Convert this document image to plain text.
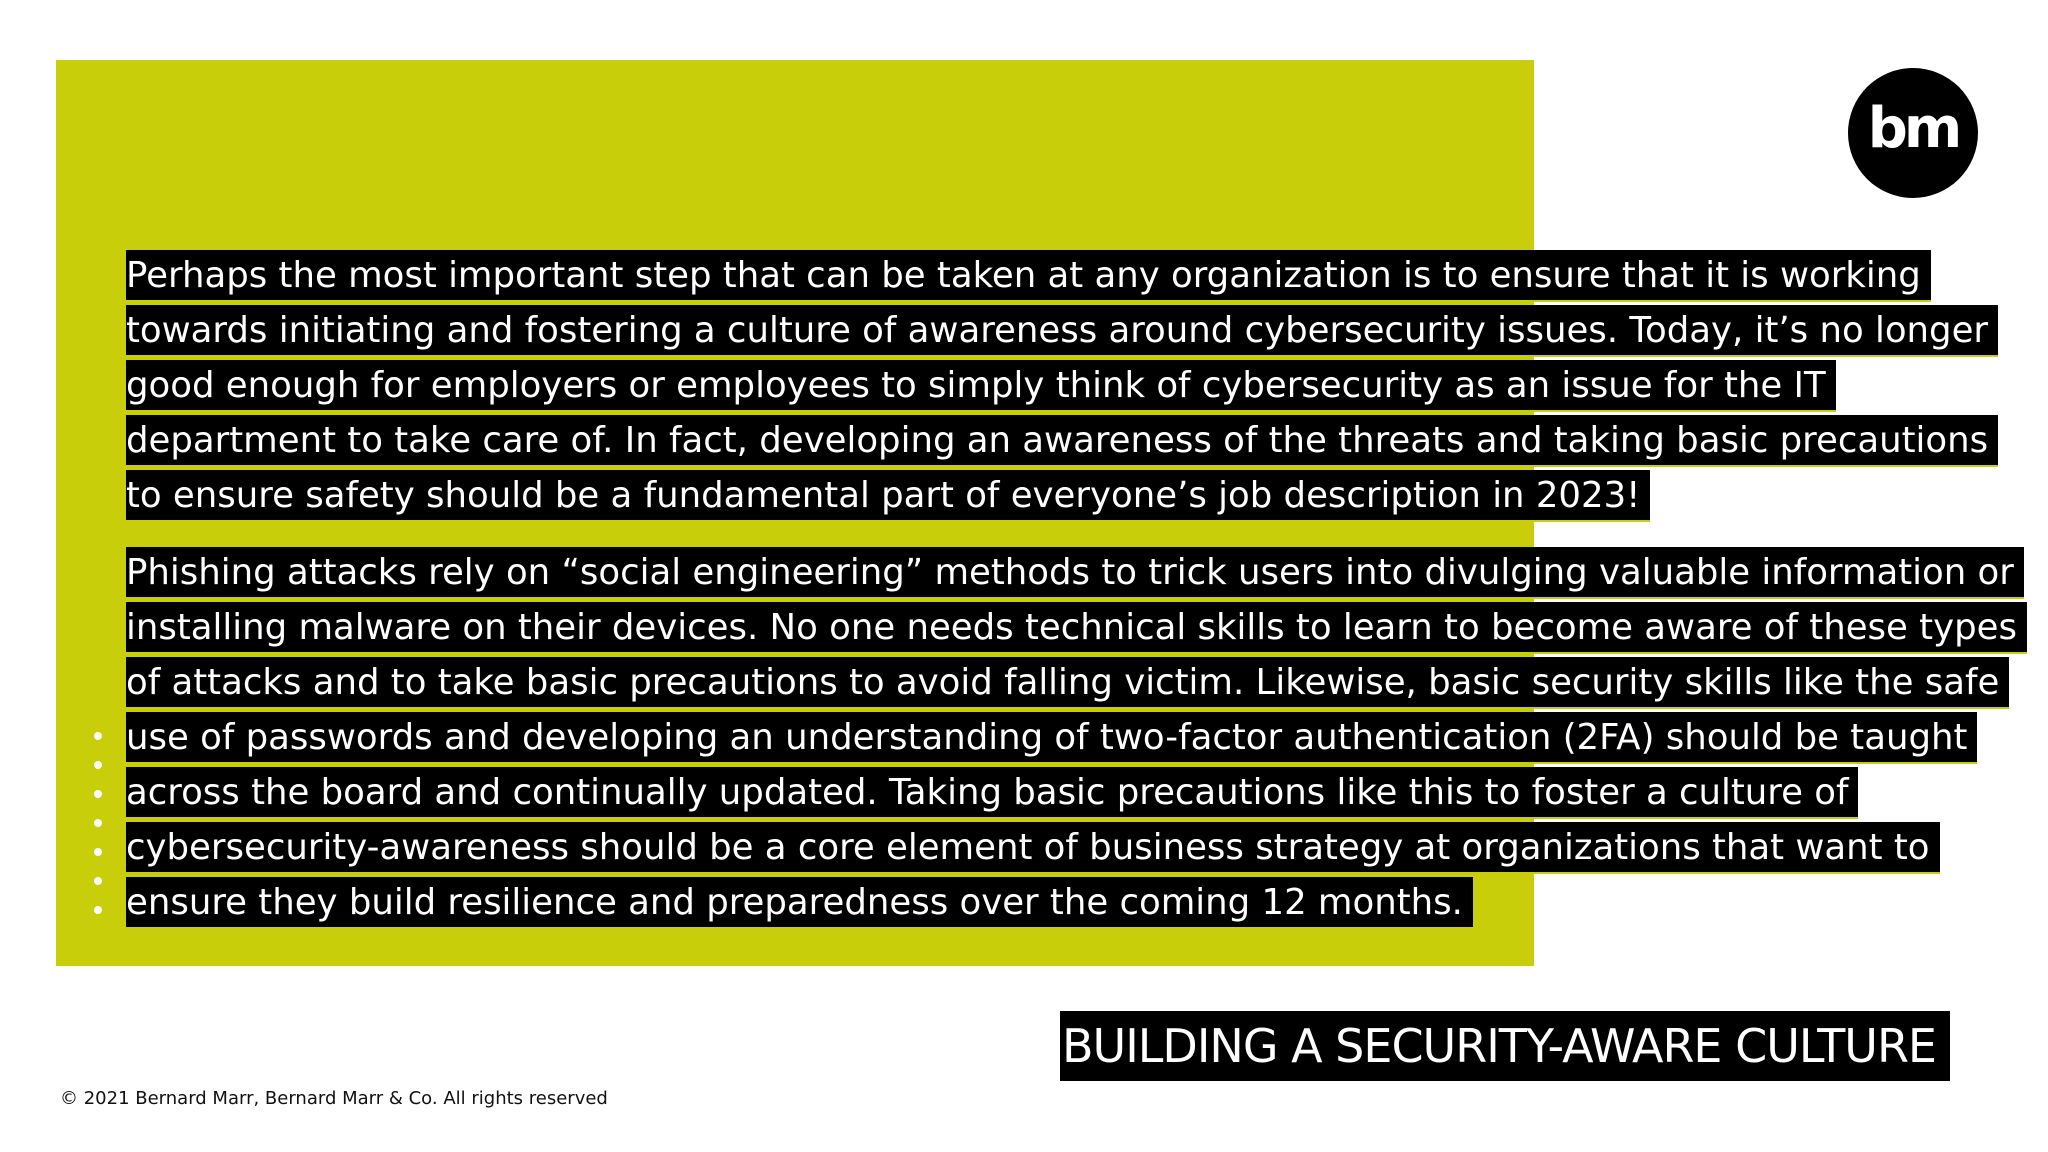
bm
Perhaps the most important step that can be taken at any organization is to ensure that it is working
towards initiating and fostering a culture of awareness around cybersecurity issues. Today, it’s no longer
good enough for employers or employees to simply think of cybersecurity as an issue for the IT
department to take care of. In fact, developing an awareness of the threats and taking basic precautions
to ensure safety should be a fundamental part of everyone’s job description in 2023!
Phishing attacks rely on “social engineering” methods to trick users into divulging valuable information or
installing malware on their devices. No one needs technical skills to learn to become aware of these types
of attacks and to take basic precautions to avoid falling victim. Likewise, basic security skills like the safe
use of passwords and developing an understanding of two-factor authentication (2FA) should be taught
across the board and continually updated. Taking basic precautions like this to foster a culture of
cybersecurity-awareness should be a core element of business strategy at organizations that want to
ensure they build resilience and preparedness over the coming 12 months.
BUILDING A SECURITY-AWARE CULTURE
© 2021 Bernard Marr, Bernard Marr & Co. All rights reserved
